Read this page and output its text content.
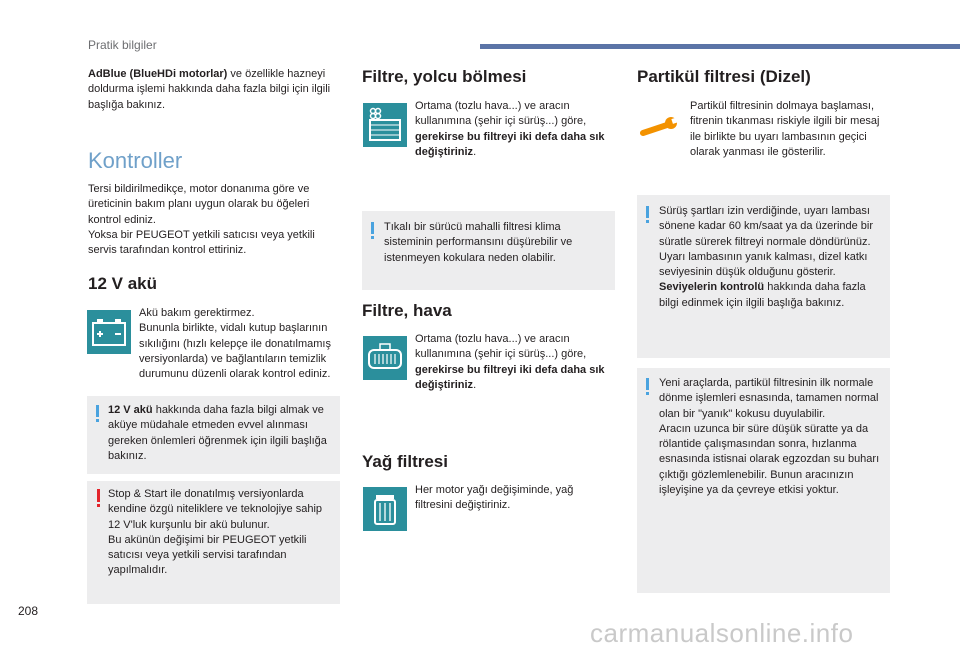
Pratik bilgiler

AdBlue (BlueHDi motorlar) ve özellikle hazneyi doldurma işlemi hakkında daha fazla bilgi için ilgili başlığa bakınız.

Kontroller

Tersi bildirilmedikçe, motor donanıma göre ve üreticinin bakım planı uygun olarak bu öğeleri kontrol ediniz.

Yoksa bir PEUGEOT yetkili satıcısı veya yetkili servis tarafından kontrol ettiriniz.

12 V akü

Akü bakım gerektirmez.

Bununla birlikte, vidalı kutup başlarının sıkılığını (hızlı kelepçe ile donatılmamış versiyonlarda) ve bağlantıların temizlik durumunu düzenli olarak kontrol ediniz.

12 V akü hakkında daha fazla bilgi almak ve aküye müdahale etmeden evvel alınması gereken önlemleri öğrenmek için ilgili başlığa bakınız.

Stop & Start ile donatılmış versiyonlarda kendine özgü niteliklere ve teknolojiye sahip 12 V'luk kurşunlu bir akü bulunur.

Bu akünün değişimi bir PEUGEOT yetkili satıcısı veya yetkili servisi tarafından yapılmalıdır.

Filtre, yolcu bölmesi

Ortama (tozlu hava...) ve aracın kullanımına (şehir içi sürüş...) göre, gerekirse bu filtreyi iki defa daha sık değiştiriniz.

Tıkalı bir sürücü mahalli filtresi klima sisteminin performansını düşürebilir ve istenmeyen kokulara neden olabilir.
Filtre, hava

Ortama (tozlu hava...) ve aracın kullanımına (şehir içi sürüş...) göre, gerekirse bu filtreyi iki defa daha sık değiştiriniz.

Yağ filtresi
Her motor yağı değişiminde, yağ filtresini değiştiriniz.
Partikül filtresi (Dizel)
Partikül filtresinin dolmaya başlaması, fitrenin tıkanması riskiyle ilgili bir mesaj ile birlikte bu uyarı lambasının geçici olarak yanması ile gösterilir.

Sürüş şartları izin verdiğinde, uyarı lambası sönene kadar 60 km/saat ya da üzerinde bir süratle sürerek filtreyi normale döndürünüz.

Uyarı lambasının yanık kalması, dizel katkı seviyesinin düşük olduğunu gösterir.

Seviyelerin kontrolü hakkında daha fazla bilgi edinmek için ilgili başlığa bakınız.

Yeni araçlarda, partikül filtresinin ilk normale dönme işlemleri esnasında, tamamen normal olan bir "yanık" kokusu duyulabilir.

Aracın uzunca bir süre düşük süratte ya da rölantide çalışmasından sonra, hızlanma esnasında istisnai olarak egzozdan su buharı çıktığı gözlemlenebilir. Bunun aracınızın işleyişine ya da çevreye etkisi yoktur.

208
carmanualsonline.info
